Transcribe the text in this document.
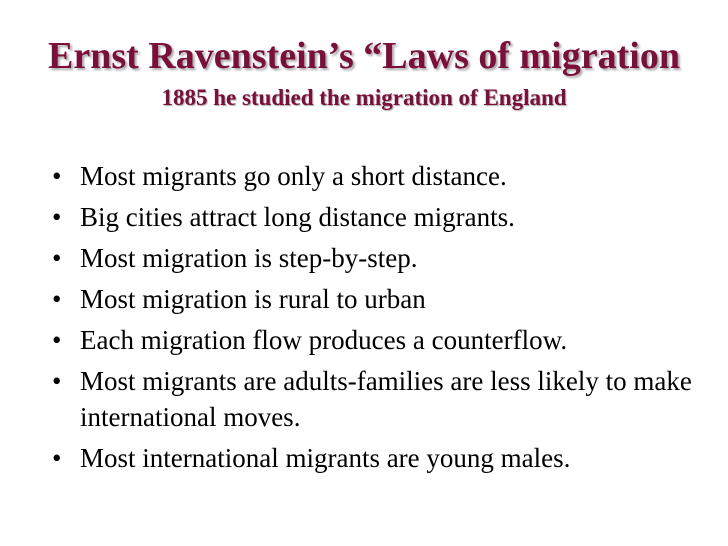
Ernst Ravenstein’s “Laws of migration
1885 he studied the migration of England
• Most migrants go only a short distance.
• Big cities attract long distance migrants.
• Most migration is step-by-step.
• Most migration is rural to urban
• Each migration flow produces a counterflow.
• Most migrants are adults-families are less likely to make international moves.
• Most international migrants are young males.
